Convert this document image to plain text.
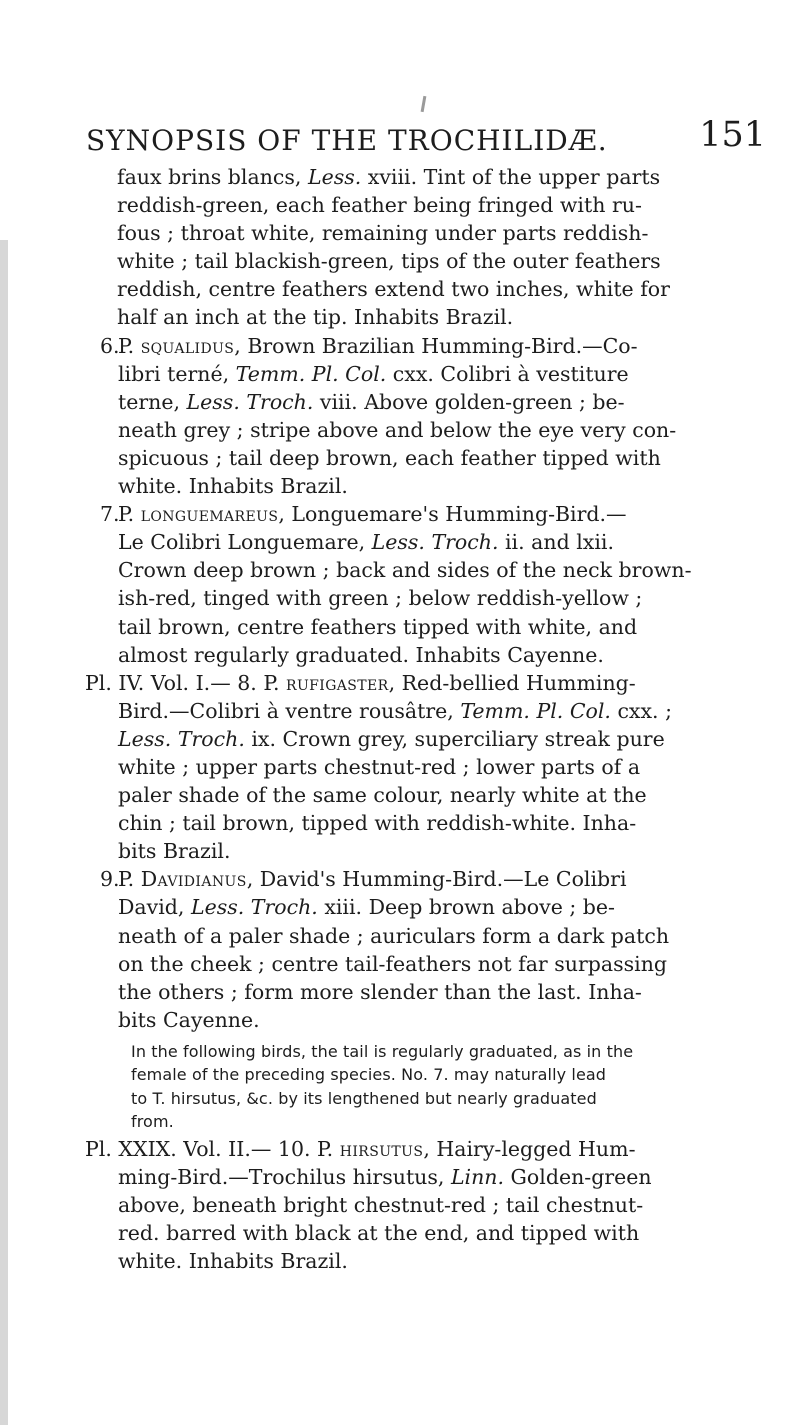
SYNOPSIS OF THE TROCHILIDÆ.	151
faux brins blancs, Less. xviii. Tint of the upper parts
reddish-green, each feather being fringed with ru-
fous ; throat white, remaining under parts reddish-
white ; tail blackish-green, tips of the outer feathers
reddish, centre feathers extend two inches, white for
half an inch at the tip. Inhabits Brazil.
6.
P. squalidus, Brown Brazilian Humming-Bird.—Co-
libri terné, Temm. Pl. Col. cxx. Colibri à vestiture
terne, Less. Troch. viii. Above golden-green ; be-
neath grey ; stripe above and below the eye very con-
spicuous ; tail deep brown, each feather tipped with
white. Inhabits Brazil.
7.
P. longuemareus, Longuemare's Humming-Bird.—
Le Colibri Longuemare, Less. Troch. ii. and lxii.
Crown deep brown ; back and sides of the neck brown-
ish-red, tinged with green ; below reddish-yellow ;
tail brown, centre feathers tipped with white, and
almost regularly graduated. Inhabits Cayenne.
Pl. IV. Vol. I.— 8. P. rufigaster, Red-bellied Humming-
Bird.—Colibri à ventre rousâtre, Temm. Pl. Col. cxx. ;
Less. Troch. ix. Crown grey, superciliary streak pure
white ; upper parts chestnut-red ; lower parts of a
paler shade of the same colour, nearly white at the
chin ; tail brown, tipped with reddish-white. Inha-
bits Brazil.
9.
P. Davidianus, David's Humming-Bird.—Le Colibri
David, Less. Troch. xiii. Deep brown above ; be-
neath of a paler shade ; auriculars form a dark patch
on the cheek ; centre tail-feathers not far surpassing
the others ; form more slender than the last. Inha-
bits Cayenne.
In the following birds, the tail is regularly graduated, as in the
female of the preceding species. No. 7. may naturally lead
to T. hirsutus, &c. by its lengthened but nearly graduated
from.
Pl. XXIX. Vol. II.— 10. P. hirsutus, Hairy-legged Hum-
ming-Bird.—Trochilus hirsutus, Linn. Golden-green
above, beneath bright chestnut-red ; tail chestnut-
red. barred with black at the end, and tipped with
white. Inhabits Brazil.
